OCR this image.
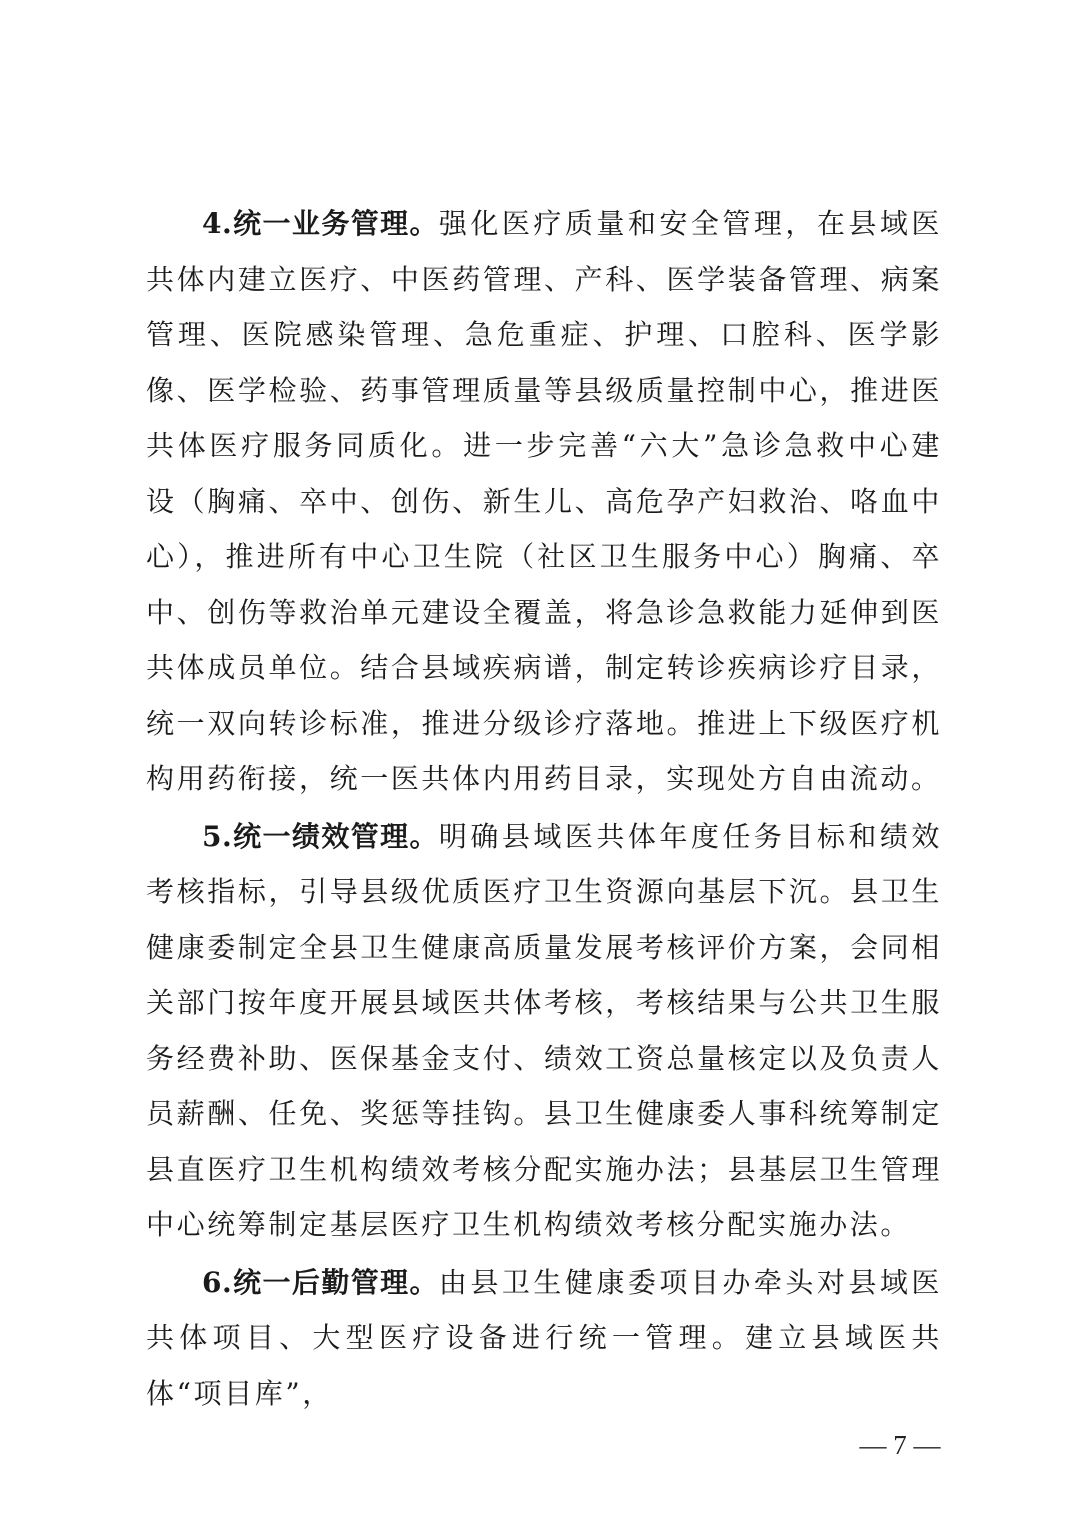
4.统一业务管理。强化医疗质量和安全管理，在县域医共体内建立医疗、中医药管理、产科、医学装备管理、病案管理、医院感染管理、急危重症、护理、口腔科、医学影像、医学检验、药事管理质量等县级质量控制中心，推进医共体医疗服务同质化。进一步完善“六大”急诊急救中心建设（胸痛、卒中、创伤、新生儿、高危孕产妇救治、咯血中心），推进所有中心卫生院（社区卫生服务中心）胸痛、卒中、创伤等救治单元建设全覆盖，将急诊急救能力延伸到医共体成员单位。结合县域疾病谱，制定转诊疾病诊疗目录，统一双向转诊标准，推进分级诊疗落地。推进上下级医疗机构用药衔接，统一医共体内用药目录，实现处方自由流动。

5.统一绩效管理。明确县域医共体年度任务目标和绩效考核指标，引导县级优质医疗卫生资源向基层下沉。县卫生健康委制定全县卫生健康高质量发展考核评价方案，会同相关部门按年度开展县域医共体考核，考核结果与公共卫生服务经费补助、医保基金支付、绩效工资总量核定以及负责人员薪酬、任免、奖惩等挂钩。县卫生健康委人事科统筹制定县直医疗卫生机构绩效考核分配实施办法；县基层卫生管理中心统筹制定基层医疗卫生机构绩效考核分配实施办法。

6.统一后勤管理。由县卫生健康委项目办牵头对县域医共体项目、大型医疗设备进行统一管理。建立县域医共体“项目库”，

— 7 —
